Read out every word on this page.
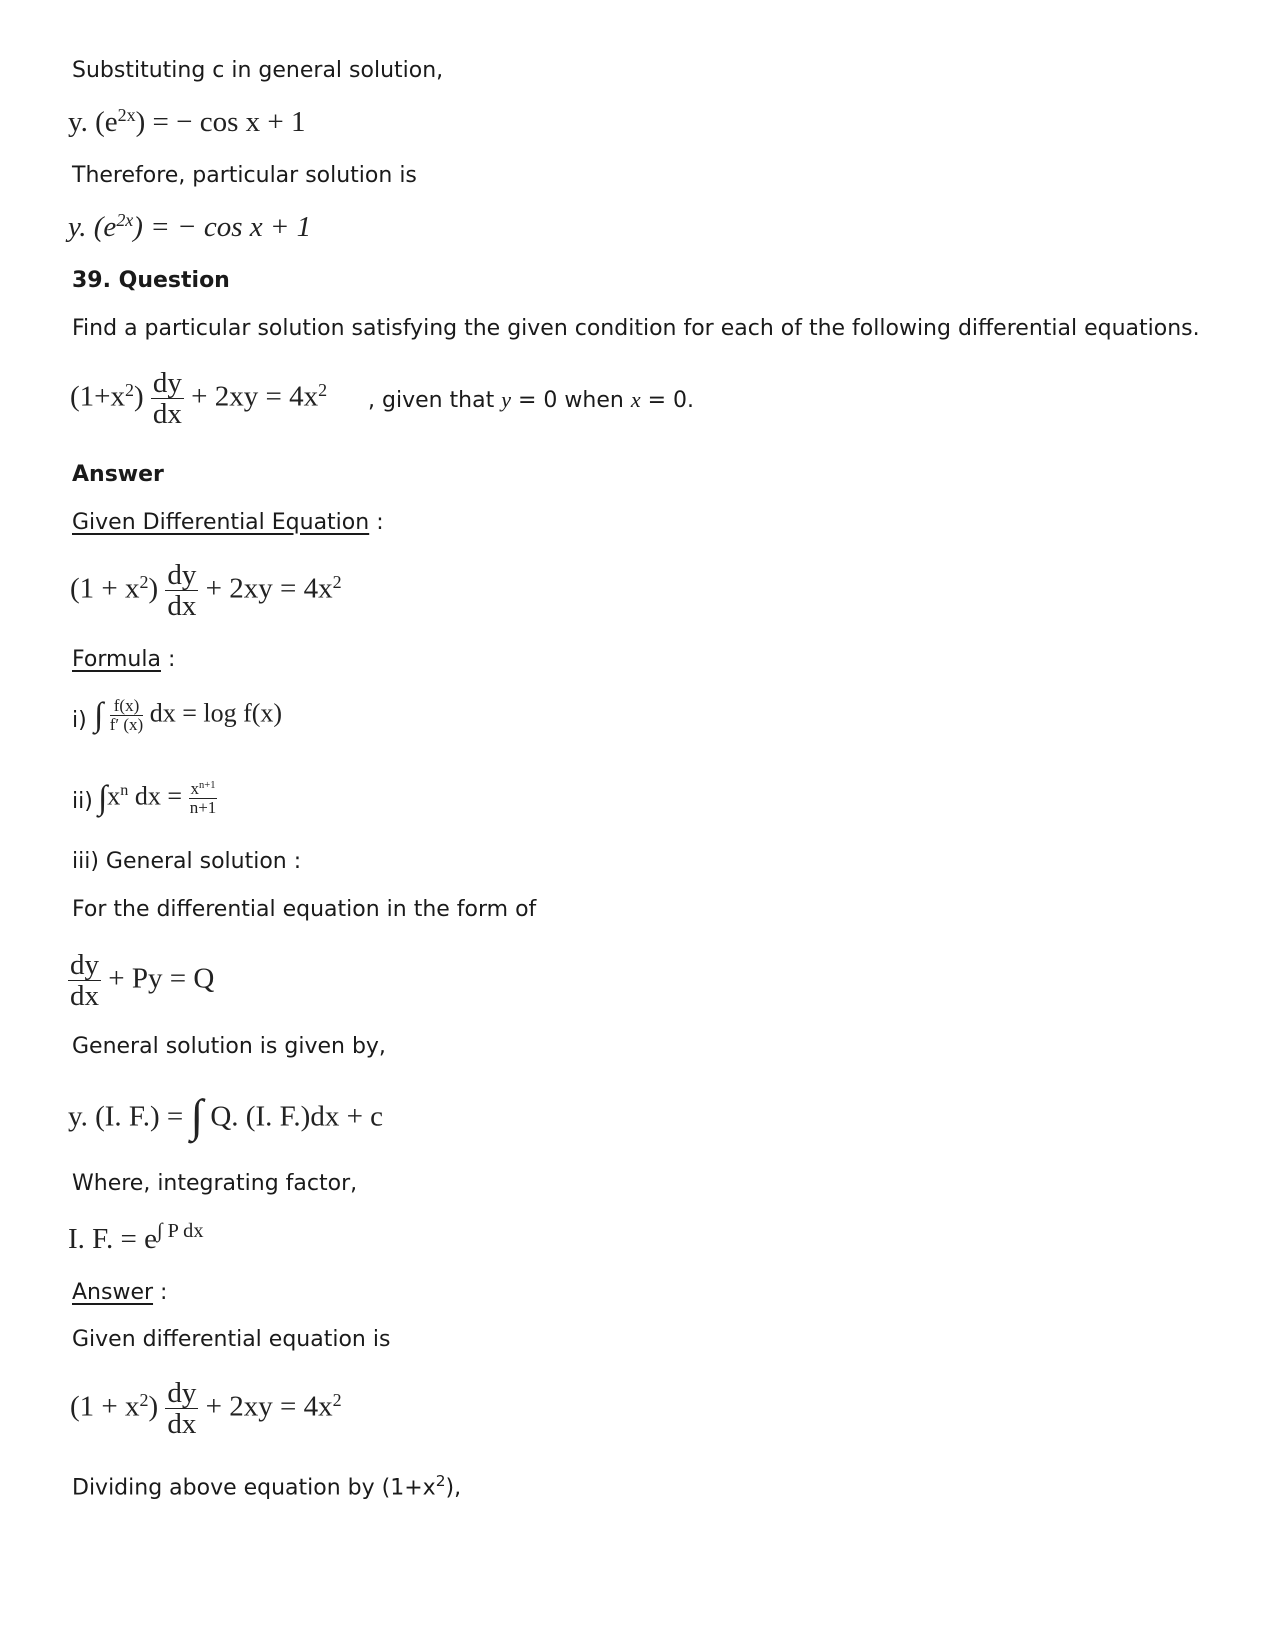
Substituting c in general solution,
y. $(e^{2x})$ = − cos x + 1
Therefore, particular solution is
y. $(e^{2x})$ = − cos x + 1
39. Question
Find a particular solution satisfying the given condition for each of the following differential equations.
$(1+x^2) \frac{dy}{dx} + 2xy = 4x^2$ , given that y = 0 when x = 0.
Answer
Given Differential Equation :
$(1 + x^2) \frac{dy}{dx} + 2xy = 4x^2$
Formula :
i) ∫ $\frac{f(x)}{f' (x)}$ dx = log f(x)
ii) $\int x^n$ dx = $\frac{x^{n+1}}{n+1}$
iii) General solution :
For the differential equation in the form of
$\frac{dy}{dx} + Py = Q$
General solution is given by,
y. (I. F.) = ∫ Q. (I. F.)dx + c
Where, integrating factor,
I. F. = $e^{\int P dx}$
Answer :
Given differential equation is
$(1 + x^2) \frac{dy}{dx} + 2xy = 4x^2$
Dividing above equation by $(1+x^2)$,
